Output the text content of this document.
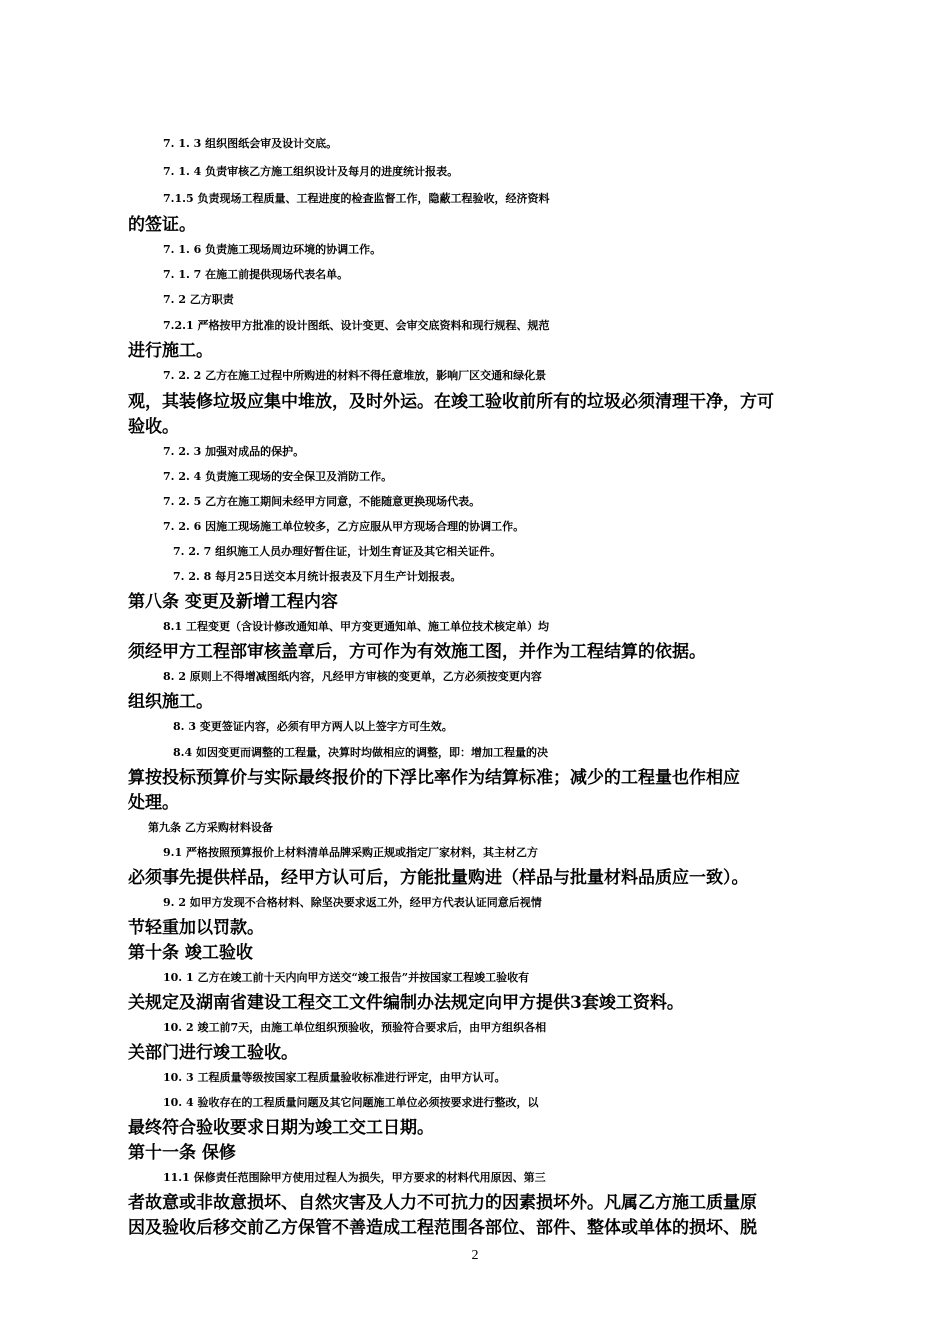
7. 1. 3 组织图纸会审及设计交底。
7. 1. 4 负责审核乙方施工组织设计及每月的进度统计报表。
7.1.5 负责现场工程质量、工程进度的检查监督工作，隐蔽工程验收，经济资料
的签证。
7. 1. 6 负责施工现场周边环境的协调工作。
7. 1. 7 在施工前提供现场代表名单。
7. 2 乙方职责
7.2.1 严格按甲方批准的设计图纸、设计变更、会审交底资料和现行规程、规范
进行施工。
7. 2. 2 乙方在施工过程中所购进的材料不得任意堆放，影响厂区交通和绿化景
观，其装修垃圾应集中堆放，及时外运。在竣工验收前所有的垃圾必须清理干净，方可
验收。
7. 2. 3 加强对成品的保护。
7. 2. 4 负责施工现场的安全保卫及消防工作。
7. 2. 5 乙方在施工期间未经甲方同意，不能随意更换现场代表。
7. 2. 6 因施工现场施工单位较多，乙方应服从甲方现场合理的协调工作。
7. 2. 7 组织施工人员办理好暂住证，计划生育证及其它相关证件。
7. 2. 8 每月25日送交本月统计报表及下月生产计划报表。
第八条 变更及新增工程内容
8.1 工程变更（含设计修改通知单、甲方变更通知单、施工单位技术核定单）均
须经甲方工程部审核盖章后，方可作为有效施工图，并作为工程结算的依据。
8. 2 原则上不得增减图纸内容，凡经甲方审核的变更单，乙方必须按变更内容
组织施工。
8. 3 变更签证内容，必须有甲方两人以上签字方可生效。
8.4 如因变更而调整的工程量，决算时均做相应的调整，即：增加工程量的决
算按投标预算价与实际最终报价的下浮比率作为结算标准；减少的工程量也作相应
处理。
第九条 乙方采购材料设备
9.1 严格按照预算报价上材料清单品牌采购正规或指定厂家材料，其主材乙方
必须事先提供样品，经甲方认可后，方能批量购进（样品与批量材料品质应一致）。
9. 2 如甲方发现不合格材料、除坚决要求返工外，经甲方代表认证同意后视情
节轻重加以罚款。
第十条 竣工验收
10. 1 乙方在竣工前十天内向甲方送交“竣工报告”并按国家工程竣工验收有
关规定及湖南省建设工程交工文件编制办法规定向甲方提供3套竣工资料。
10. 2 竣工前7天，由施工单位组织预验收，预验符合要求后，由甲方组织各相
关部门进行竣工验收。
10. 3 工程质量等级按国家工程质量验收标准进行评定，由甲方认可。
10. 4 验收存在的工程质量问题及其它问题施工单位必须按要求进行整改，以
最终符合验收要求日期为竣工交工日期。
第十一条 保修
11.1 保修责任范围除甲方使用过程人为损失，甲方要求的材料代用原因、第三
者故意或非故意损坏、自然灾害及人力不可抗力的因素损坏外。凡属乙方施工质量原
因及验收后移交前乙方保管不善造成工程范围各部位、部件、整体或单体的损坏、脱
2
